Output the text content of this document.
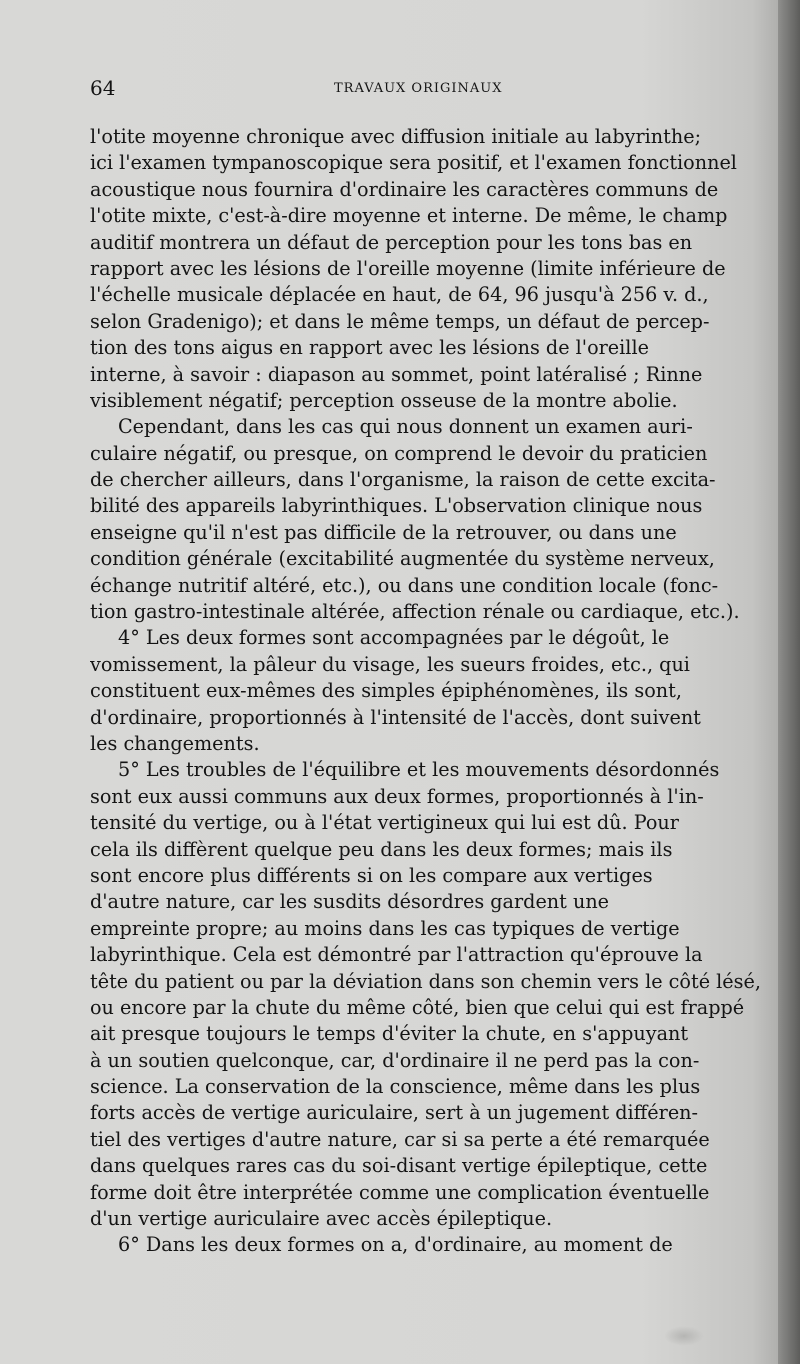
64	TRAVAUX ORIGINAUX
l'otite moyenne chronique avec diffusion initiale au labyrinthe;
ici l'examen tympanoscopique sera positif, et l'examen fonctionnel
acoustique nous fournira d'ordinaire les caractères communs de
l'otite mixte, c'est-à-dire moyenne et interne. De même, le champ
auditif montrera un défaut de perception pour les tons bas en
rapport avec les lésions de l'oreille moyenne (limite inférieure de
l'échelle musicale déplacée en haut, de 64, 96 jusqu'à 256 v. d.,
selon Gradenigo); et dans le même temps, un défaut de percep-
tion des tons aigus en rapport avec les lésions de l'oreille
interne, à savoir : diapason au sommet, point latéralisé ; Rinne
visiblement négatif; perception osseuse de la montre abolie.
Cependant, dans les cas qui nous donnent un examen auri-
culaire négatif, ou presque, on comprend le devoir du praticien
de chercher ailleurs, dans l'organisme, la raison de cette excita-
bilité des appareils labyrinthiques. L'observation clinique nous
enseigne qu'il n'est pas difficile de la retrouver, ou dans une
condition générale (excitabilité augmentée du système nerveux,
échange nutritif altéré, etc.), ou dans une condition locale (fonc-
tion gastro-intestinale altérée, affection rénale ou cardiaque, etc.).
4° Les deux formes sont accompagnées par le dégoût, le
vomissement, la pâleur du visage, les sueurs froides, etc., qui
constituent eux-mêmes des simples épiphénomènes, ils sont,
d'ordinaire, proportionnés à l'intensité de l'accès, dont suivent
les changements.
5° Les troubles de l'équilibre et les mouvements désordonnés
sont eux aussi communs aux deux formes, proportionnés à l'in-
tensité du vertige, ou à l'état vertigineux qui lui est dû. Pour
cela ils diffèrent quelque peu dans les deux formes; mais ils
sont encore plus différents si on les compare aux vertiges
d'autre nature, car les susdits désordres gardent une
empreinte propre; au moins dans les cas typiques de vertige
labyrinthique. Cela est démontré par l'attraction qu'éprouve la
tête du patient ou par la déviation dans son chemin vers le côté lésé,
ou encore par la chute du même côté, bien que celui qui est frappé
ait presque toujours le temps d'éviter la chute, en s'appuyant
à un soutien quelconque, car, d'ordinaire il ne perd pas la con-
science. La conservation de la conscience, même dans les plus
forts accès de vertige auriculaire, sert à un jugement différen-
tiel des vertiges d'autre nature, car si sa perte a été remarquée
dans quelques rares cas du soi-disant vertige épileptique, cette
forme doit être interprétée comme une complication éventuelle
d'un vertige auriculaire avec accès épileptique.
6° Dans les deux formes on a, d'ordinaire, au moment de
